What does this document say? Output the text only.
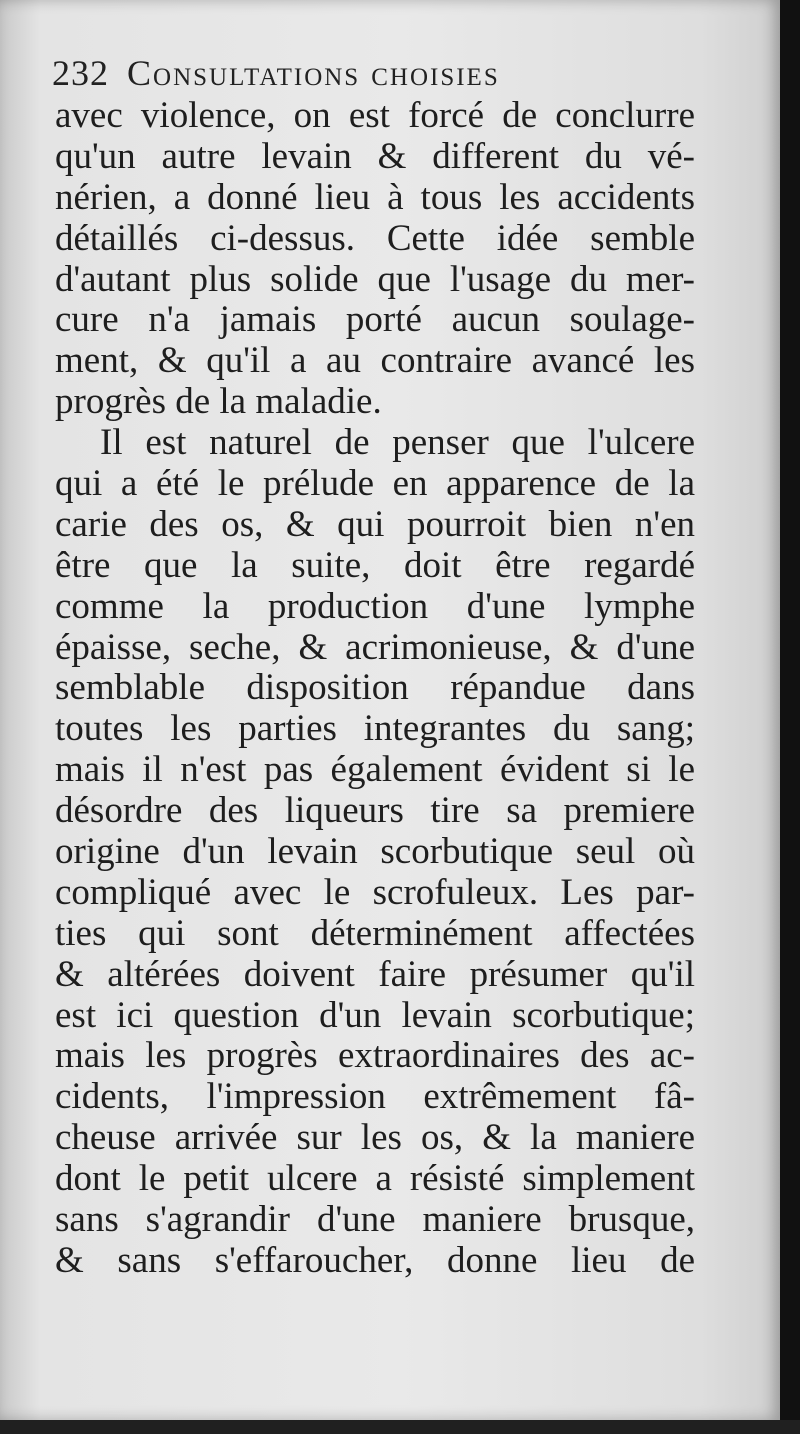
232 Consultations choisies
avec violence, on est forcé de conclurre
qu'un autre levain & different du vé-
nérien, a donné lieu à tous les accidents
détaillés ci-dessus. Cette idée semble
d'autant plus solide que l'usage du mer-
cure n'a jamais porté aucun soulage-
ment, & qu'il a au contraire avancé les
progrès de la maladie.
Il est naturel de penser que l'ulcere
qui a été le prélude en apparence de la
carie des os, & qui pourroit bien n'en
être que la suite, doit être regardé
comme la production d'une lymphe
épaisse, seche, & acrimonieuse, & d'une
semblable disposition répandue dans
toutes les parties integrantes du sang;
mais il n'est pas également évident si le
désordre des liqueurs tire sa premiere
origine d'un levain scorbutique seul où
compliqué avec le scrofuleux. Les par-
ties qui sont déterminément affectées
& altérées doivent faire présumer qu'il
est ici question d'un levain scorbutique;
mais les progrès extraordinaires des ac-
cidents, l'impression extrêmement fâ-
cheuse arrivée sur les os, & la maniere
dont le petit ulcere a résisté simplement
sans s'agrandir d'une maniere brusque,
& sans s'effaroucher, donne lieu de
